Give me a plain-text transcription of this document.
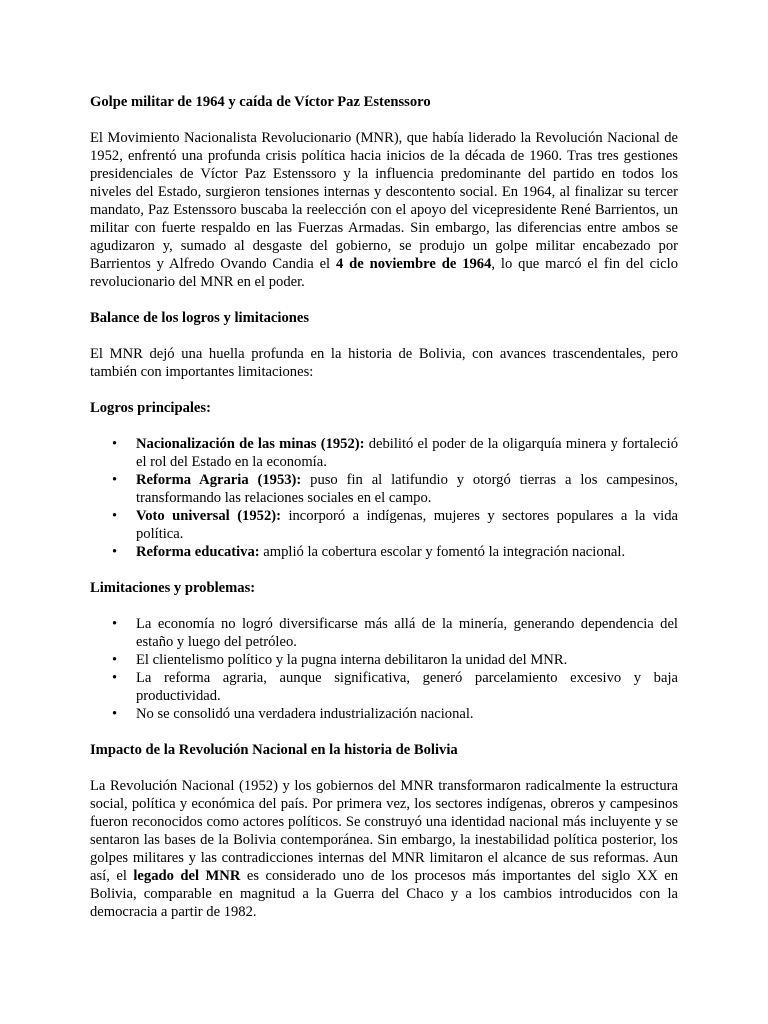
Golpe militar de 1964 y caída de Víctor Paz Estenssoro

El Movimiento Nacionalista Revolucionario (MNR), que había liderado la Revolución Nacional de 1952, enfrentó una profunda crisis política hacia inicios de la década de 1960. Tras tres gestiones presidenciales de Víctor Paz Estenssoro y la influencia predominante del partido en todos los niveles del Estado, surgieron tensiones internas y descontento social. En 1964, al finalizar su tercer mandato, Paz Estenssoro buscaba la reelección con el apoyo del vicepresidente René Barrientos, un militar con fuerte respaldo en las Fuerzas Armadas. Sin embargo, las diferencias entre ambos se agudizaron y, sumado al desgaste del gobierno, se produjo un golpe militar encabezado por Barrientos y Alfredo Ovando Candia el 4 de noviembre de 1964, lo que marcó el fin del ciclo revolucionario del MNR en el poder.

Balance de los logros y limitaciones

El MNR dejó una huella profunda en la historia de Bolivia, con avances trascendentales, pero también con importantes limitaciones:

Logros principales:
• Nacionalización de las minas (1952): debilitó el poder de la oligarquía minera y fortaleció el rol del Estado en la economía.
• Reforma Agraria (1953): puso fin al latifundio y otorgó tierras a los campesinos, transformando las relaciones sociales en el campo.
• Voto universal (1952): incorporó a indígenas, mujeres y sectores populares a la vida política.
• Reforma educativa: amplió la cobertura escolar y fomentó la integración nacional.
Limitaciones y problemas:
• La economía no logró diversificarse más allá de la minería, generando dependencia del estaño y luego del petróleo.
• El clientelismo político y la pugna interna debilitaron la unidad del MNR.
• La reforma agraria, aunque significativa, generó parcelamiento excesivo y baja productividad.
• No se consolidó una verdadera industrialización nacional.
Impacto de la Revolución Nacional en la historia de Bolivia

La Revolución Nacional (1952) y los gobiernos del MNR transformaron radicalmente la estructura social, política y económica del país. Por primera vez, los sectores indígenas, obreros y campesinos fueron reconocidos como actores políticos. Se construyó una identidad nacional más incluyente y se sentaron las bases de la Bolivia contemporánea. Sin embargo, la inestabilidad política posterior, los golpes militares y las contradicciones internas del MNR limitaron el alcance de sus reformas. Aun así, el legado del MNR es considerado uno de los procesos más importantes del siglo XX en Bolivia, comparable en magnitud a la Guerra del Chaco y a los cambios introducidos con la democracia a partir de 1982.
